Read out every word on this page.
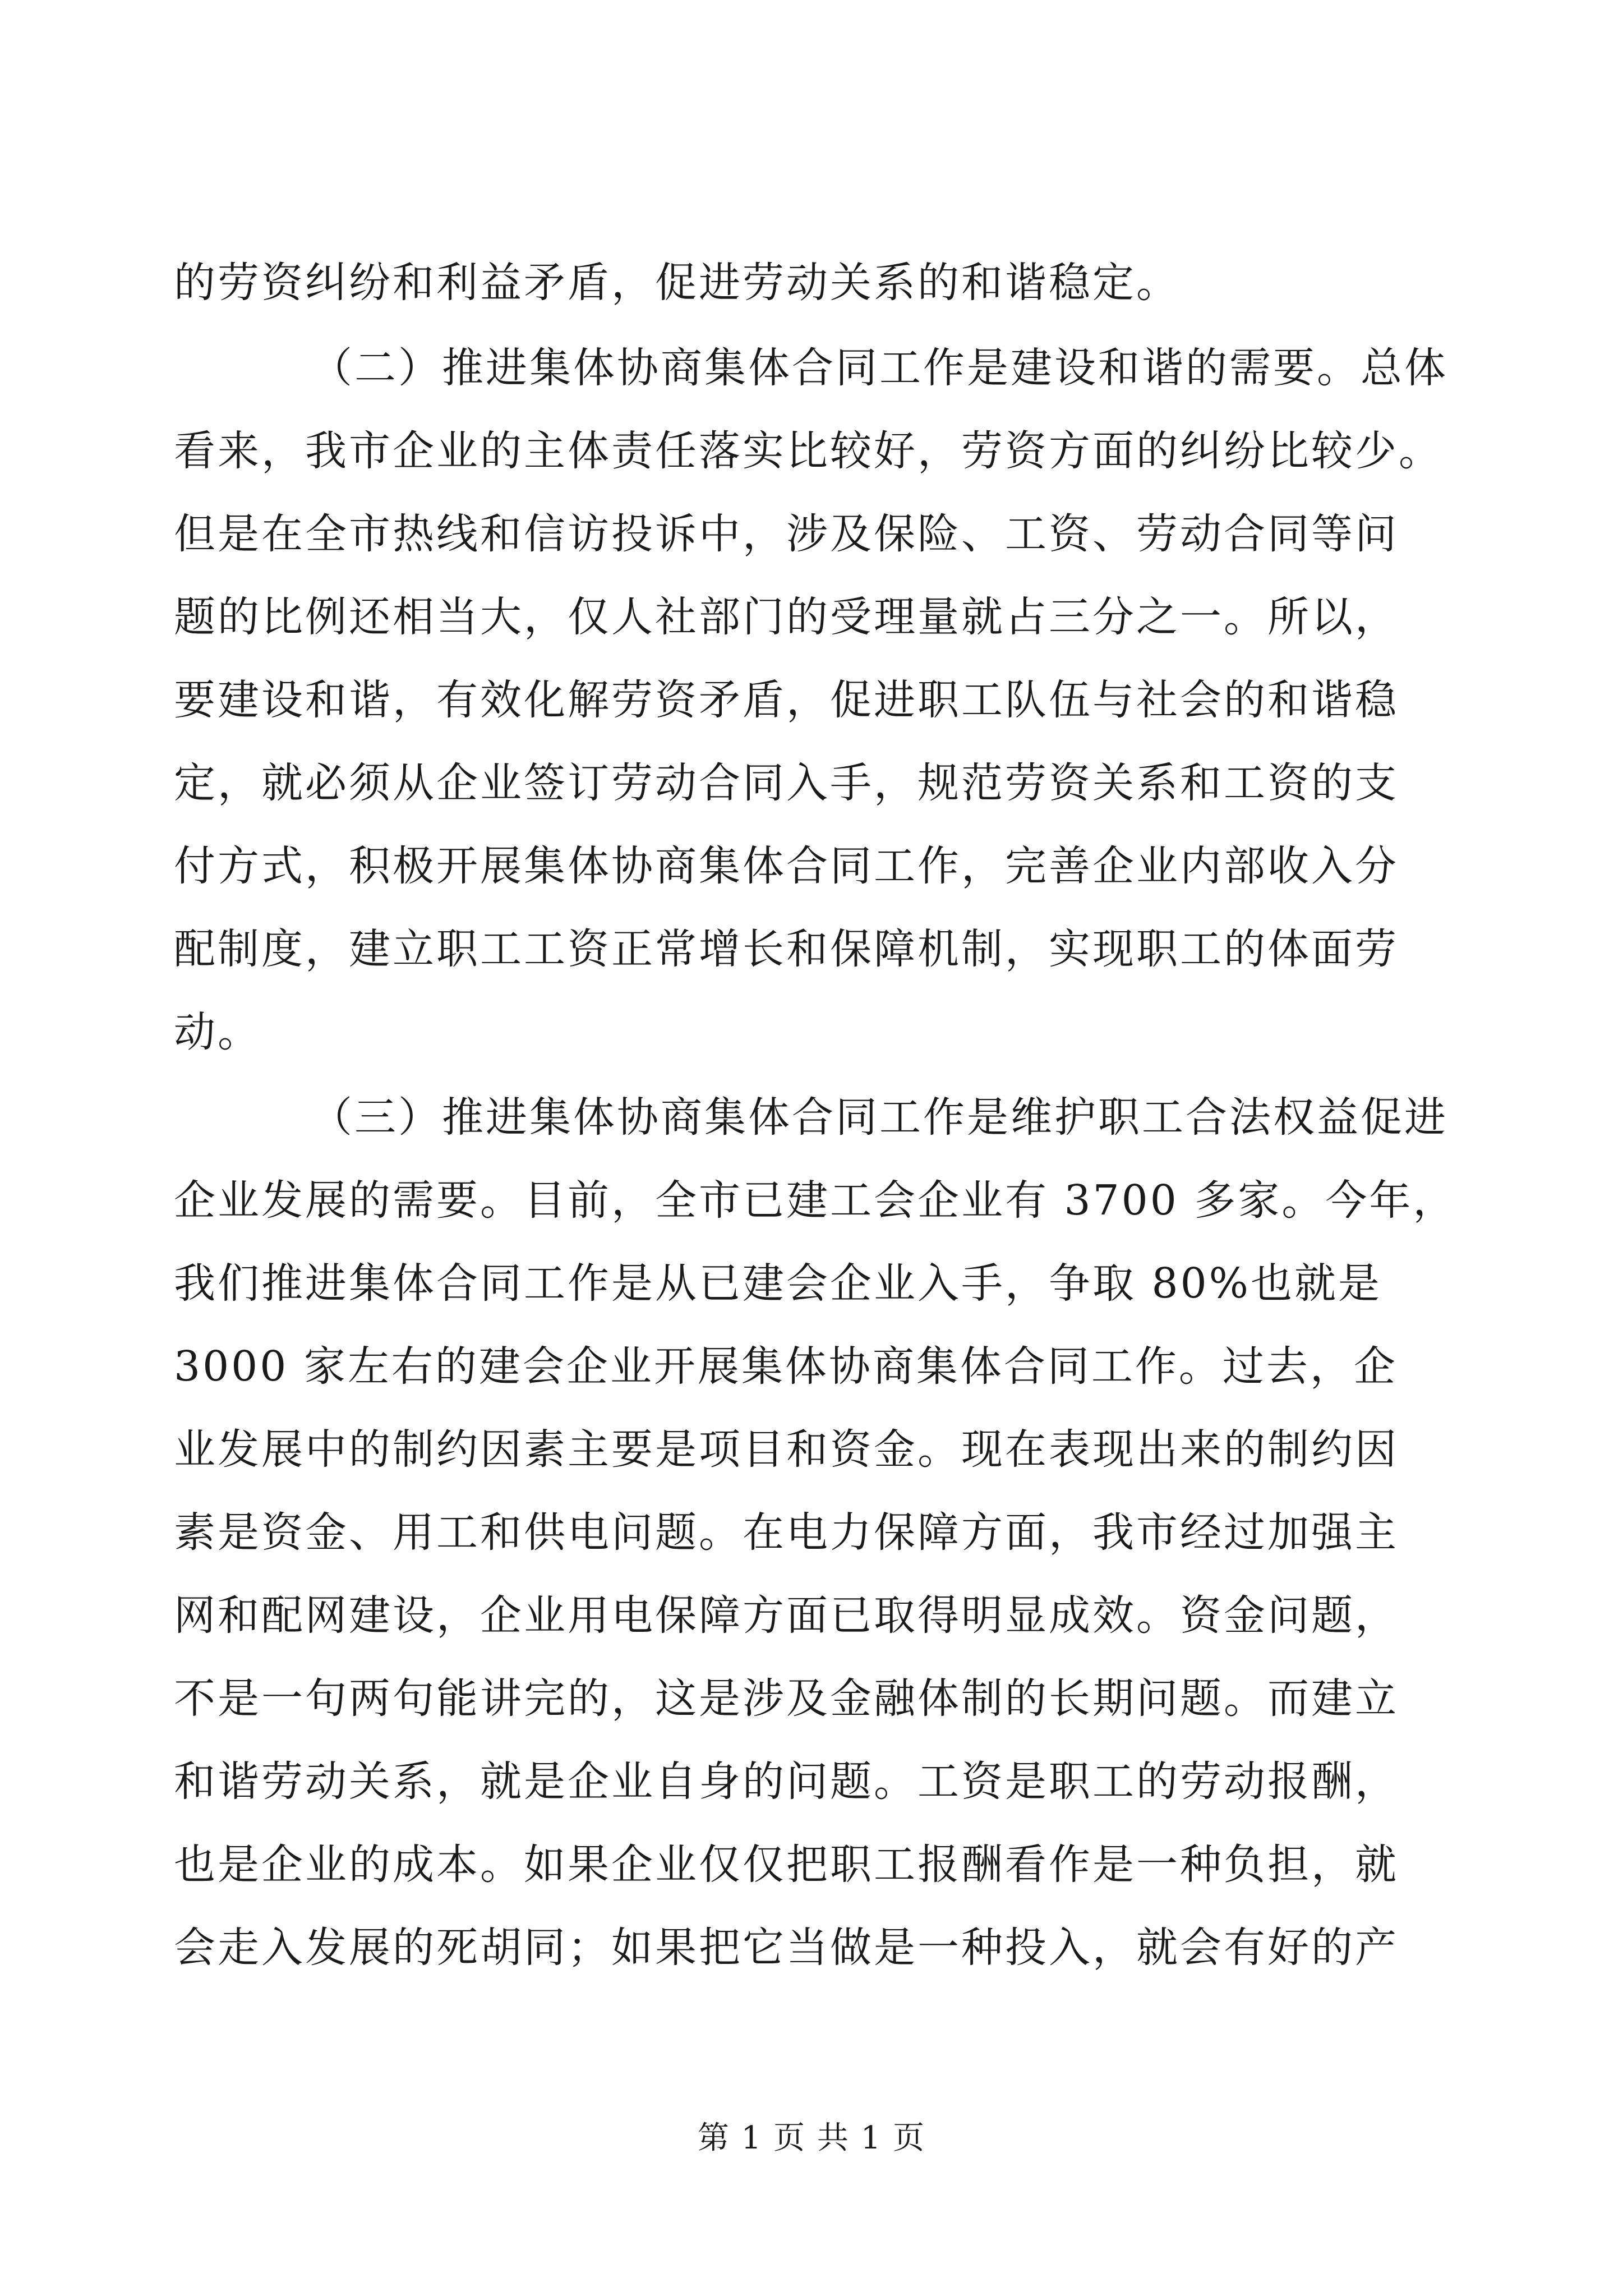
的劳资纠纷和利益矛盾，促进劳动关系的和谐稳定。
（二）推进集体协商集体合同工作是建设和谐的需要。总体
看来，我市企业的主体责任落实比较好，劳资方面的纠纷比较少。
但是在全市热线和信访投诉中，涉及保险、工资、劳动合同等问
题的比例还相当大，仅人社部门的受理量就占三分之一。所以，
要建设和谐，有效化解劳资矛盾，促进职工队伍与社会的和谐稳
定，就必须从企业签订劳动合同入手，规范劳资关系和工资的支
付方式，积极开展集体协商集体合同工作，完善企业内部收入分
配制度，建立职工工资正常增长和保障机制，实现职工的体面劳
动。
（三）推进集体协商集体合同工作是维护职工合法权益促进
企业发展的需要。目前，全市已建工会企业有 3700 多家。今年，
我们推进集体合同工作是从已建会企业入手，争取 80%也就是
3000 家左右的建会企业开展集体协商集体合同工作。过去，企
业发展中的制约因素主要是项目和资金。现在表现出来的制约因
素是资金、用工和供电问题。在电力保障方面，我市经过加强主
网和配网建设，企业用电保障方面已取得明显成效。资金问题，
不是一句两句能讲完的，这是涉及金融体制的长期问题。而建立
和谐劳动关系，就是企业自身的问题。工资是职工的劳动报酬，
也是企业的成本。如果企业仅仅把职工报酬看作是一种负担，就
会走入发展的死胡同；如果把它当做是一种投入，就会有好的产
第 1 页 共 1 页
